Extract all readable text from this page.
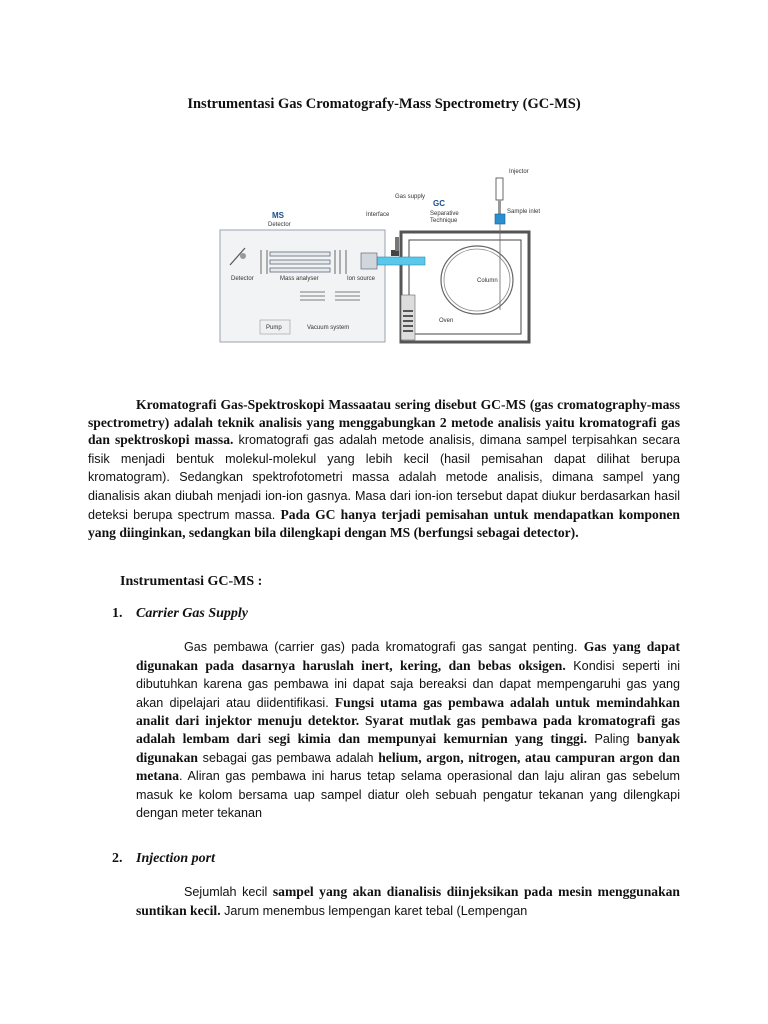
Instrumentasi Gas Cromatografy-Mass Spectrometry (GC-MS)
MS
Detector
Gas supply
Interface
GC
Separative
Technique
Injector
Sample inlet
Detector	Mass analyser	Ion source	Column
Oven
Pump	Vacuum system
Kromatografi Gas-Spektroskopi Massaatau sering disebut GC-MS (gas cromatography-mass spectrometry) adalah teknik analisis yang menggabungkan 2 metode analisis yaitu kromatografi gas dan spektroskopi massa. kromatografi gas adalah metode analisis, dimana sampel terpisahkan secara fisik menjadi bentuk molekul-molekul yang lebih kecil (hasil pemisahan dapat dilihat berupa kromatogram). Sedangkan spektrofotometri massa adalah metode analisis, dimana sampel yang dianalisis akan diubah menjadi ion-ion gasnya. Masa dari ion-ion tersebut dapat diukur berdasarkan hasil deteksi berupa spectrum massa. Pada GC hanya terjadi pemisahan untuk mendapatkan komponen yang diinginkan, sedangkan bila dilengkapi dengan MS (berfungsi sebagai detector).
Instrumentasi GC-MS :
1. Carrier Gas Supply
Gas pembawa (carrier gas) pada kromatografi gas sangat penting. Gas yang dapat digunakan pada dasarnya haruslah inert, kering, dan bebas oksigen. Kondisi seperti ini dibutuhkan karena gas pembawa ini dapat saja bereaksi dan dapat mempengaruhi gas yang akan dipelajari atau diidentifikasi. Fungsi utama gas pembawa adalah untuk memindahkan analit dari injektor menuju detektor. Syarat mutlak gas pembawa pada kromatografi gas adalah lembam dari segi kimia dan mempunyai kemurnian yang tinggi. Paling banyak digunakan sebagai gas pembawa adalah helium, argon, nitrogen, atau campuran argon dan metana. Aliran gas pembawa ini harus tetap selama operasional dan laju aliran gas sebelum masuk ke kolom bersama uap sampel diatur oleh sebuah pengatur tekanan yang dilengkapi dengan meter tekanan
2. Injection port
Sejumlah kecil sampel yang akan dianalisis diinjeksikan pada mesin menggunakan suntikan kecil. Jarum menembus lempengan karet tebal (Lempengan
